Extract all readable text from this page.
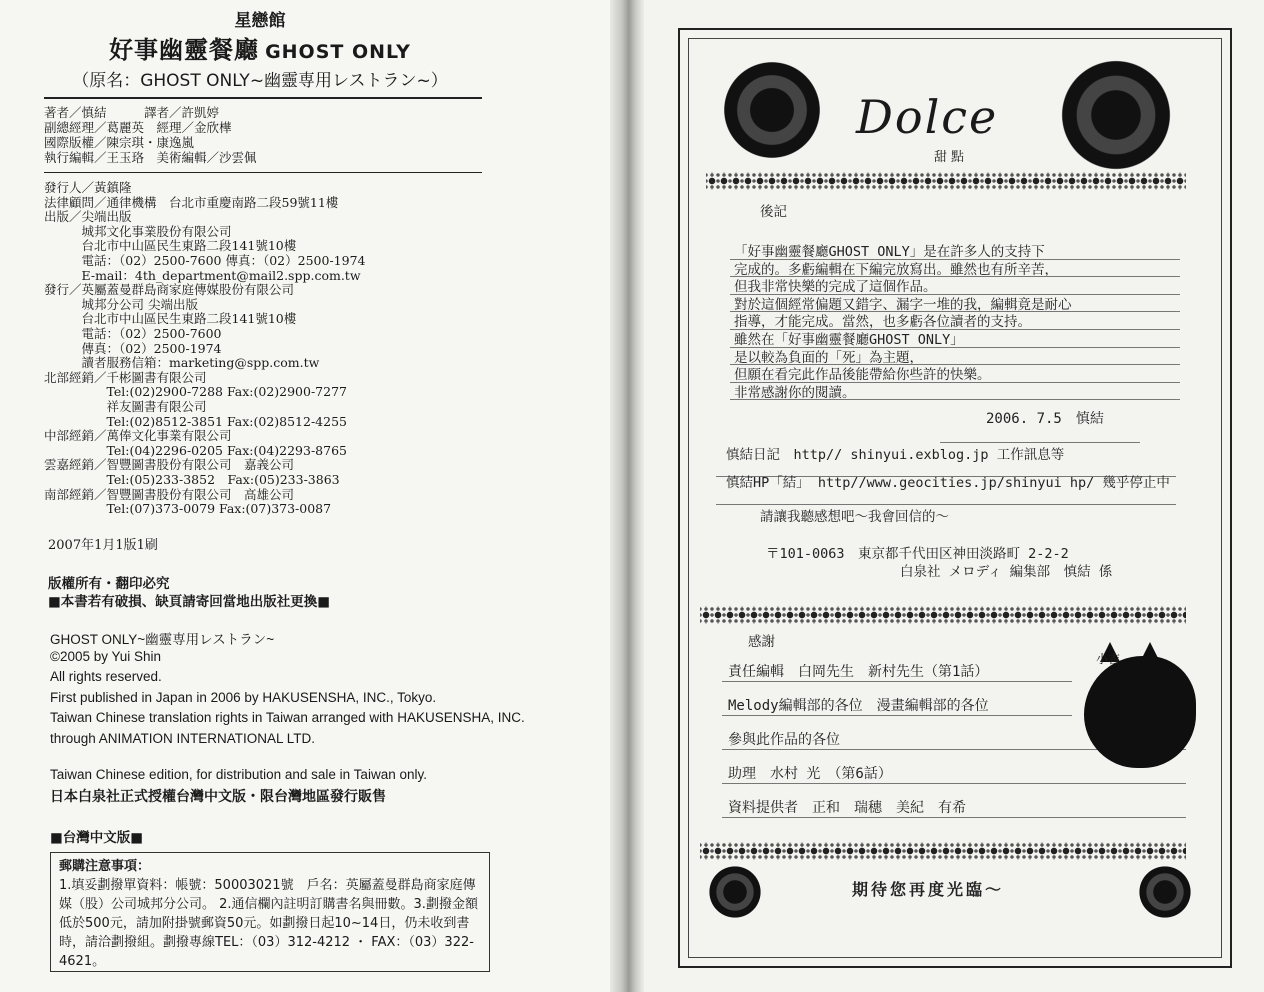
星戀館
好事幽靈餐廳 GHOST ONLY
（原名：GHOST ONLY~幽靈専用レストラン~）
著者／慎結　　　譯者／許凱婷
副總經理／葛麗英　經理／金欣樺
國際版權／陳宗琪・康逸嵐
執行編輯／王玉珞　美術編輯／沙雲佩
發行人／黃鎮隆
法律顧問／通律機構　台北市重慶南路二段59號11樓
出版／尖端出版
　　　城邦文化事業股份有限公司
　　　台北市中山區民生東路二段141號10樓
　　　電話：（02）2500-7600 傳真：（02）2500-1974
　　　E-mail：4th_department@mail2.spp.com.tw
發行／英屬蓋曼群島商家庭傳媒股份有限公司
　　　城邦分公司 尖端出版
　　　台北市中山區民生東路二段141號10樓
　　　電話：（02）2500-7600
　　　傳真：（02）2500-1974
　　　讀者服務信箱：marketing@spp.com.tw
北部經銷／千彬圖書有限公司
　　　　　Tel:(02)2900-7288 Fax:(02)2900-7277
　　　　　祥友圖書有限公司
　　　　　Tel:(02)8512-3851 Fax:(02)8512-4255
中部經銷／萬俸文化事業有限公司
　　　　　Tel:(04)2296-0205 Fax:(04)2293-8765
雲嘉經銷／智豐圖書股份有限公司　嘉義公司
　　　　　Tel:(05)233-3852　Fax:(05)233-3863
南部經銷／智豐圖書股份有限公司　高雄公司
　　　　　Tel:(07)373-0079 Fax:(07)373-0087
2007年1月1版1刷
版權所有・翻印必究
■本書若有破損、缺頁請寄回當地出版社更換■
GHOST ONLY~幽靈専用レストラン~
©2005 by Yui Shin
All rights reserved.
First published in Japan in 2006 by HAKUSENSHA, INC., Tokyo.
Taiwan Chinese translation rights in Taiwan arranged with HAKUSENSHA, INC.
through ANIMATION INTERNATIONAL LTD.
Taiwan Chinese edition, for distribution and sale in Taiwan only.
日本白泉社正式授權台灣中文版・限台灣地區發行販售
■台灣中文版■
郵購注意事項：
1.填妥劃撥單資料：帳號：50003021號　戶名：英屬蓋曼群島商家庭傳媒（股）公司城邦分公司。 2.通信欄內註明訂購書名與冊數。3.劃撥金額低於500元，請加附掛號郵資50元。如劃撥日起10~14日，仍未收到書時，請洽劃撥組。劃撥專線TEL：（03）312-4212 ・ FAX：（03）322-4621。
Dolce
甜點
後記
「好事幽靈餐廳GHOST ONLY」是在許多人的支持下
完成的。多虧編輯在下編完放寫出。雖然也有所辛苦，
但我非常快樂的完成了這個作品。
對於這個經常偏題又錯字、漏字一堆的我，編輯竟是耐心
指導，才能完成。當然，也多虧各位讀者的支持。
雖然在「好事幽靈餐廳GHOST ONLY」
是以較為負面的「死」為主題，
但願在看完此作品後能帶給你些許的快樂。
非常感謝你的閱讀。
2006. 7.5　慎結
慎結日記　http// shinyui.exblog.jp 工作訊息等
慎結HP「結」 http//www.geocities.jp/shinyui hp/ 幾乎停止中
請讓我聽感想吧～我會回信的～
〒101-0063　東京都千代田区神田淡路町 2-2-2
白泉社 メロディ 編集部　慎結 係
感謝
責任編輯　白岡先生　新村先生（第1話）
Melody編輯部的各位　漫畫編輯部的各位
參與此作品的各位
助理　水村 光　（第6話）
資料提供者　正和　瑞穗　美紀　有希
小吉
期待您再度光臨～
